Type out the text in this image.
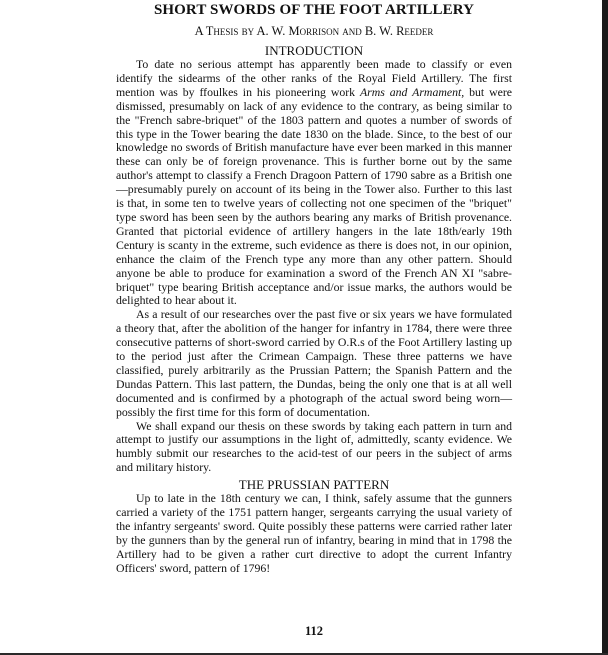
SHORT SWORDS OF THE FOOT ARTILLERY
A Thesis by A. W. Morrison and B. W. Reeder
INTRODUCTION

To date no serious attempt has apparently been made to classify or even identify the sidearms of the other ranks of the Royal Field Artillery. The first mention was by ffoulkes in his pioneering work Arms and Armament, but were dismissed, presumably on lack of any evidence to the contrary, as being similar to the "French sabre-briquet" of the 1803 pattern and quotes a number of swords of this type in the Tower bearing the date 1830 on the blade. Since, to the best of our knowledge no swords of British manufacture have ever been marked in this manner these can only be of foreign provenance. This is further borne out by the same author's attempt to classify a French Dragoon Pattern of 1790 sabre as a British one—presumably purely on account of its being in the Tower also. Further to this last is that, in some ten to twelve years of collecting not one specimen of the "briquet" type sword has been seen by the authors bearing any marks of British provenance. Granted that pictorial evidence of artillery hangers in the late 18th/early 19th Century is scanty in the extreme, such evidence as there is does not, in our opinion, enhance the claim of the French type any more than any other pattern. Should anyone be able to produce for examination a sword of the French AN XI "sabre-briquet" type bearing British acceptance and/or issue marks, the authors would be delighted to hear about it.

As a result of our researches over the past five or six years we have formulated a theory that, after the abolition of the hanger for infantry in 1784, there were three consecutive patterns of short-sword carried by O.R.s of the Foot Artillery lasting up to the period just after the Crimean Campaign. These three patterns we have classified, purely arbitrarily as the Prussian Pattern; the Spanish Pattern and the Dundas Pattern. This last pattern, the Dundas, being the only one that is at all well documented and is confirmed by a photograph of the actual sword being worn—possibly the first time for this form of documentation.

We shall expand our thesis on these swords by taking each pattern in turn and attempt to justify our assumptions in the light of, admittedly, scanty evidence. We humbly submit our researches to the acid-test of our peers in the subject of arms and military history.

THE PRUSSIAN PATTERN

Up to late in the 18th century we can, I think, safely assume that the gunners carried a variety of the 1751 pattern hanger, sergeants carrying the usual variety of the infantry sergeants' sword. Quite possibly these patterns were carried rather later by the gunners than by the general run of infantry, bearing in mind that in 1798 the Artillery had to be given a rather curt directive to adopt the current Infantry Officers' sword, pattern of 1796!

112
